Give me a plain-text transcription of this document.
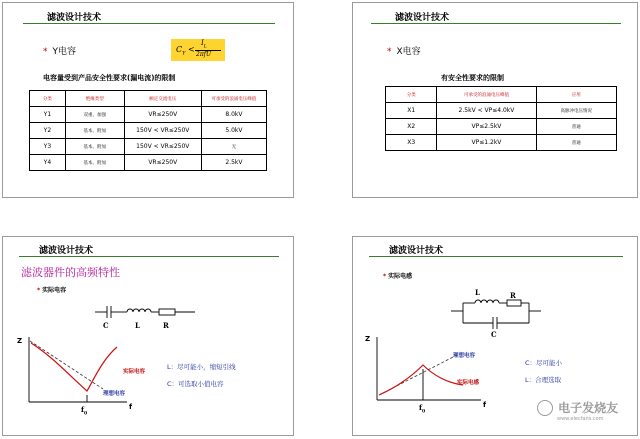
滤波设计技术
* Y电容	$C_Y$ <
$I_L$
2πfU
电容量受到产品安全性要求(漏电流)的限制
分类	绝缘类型	额定交流电压	可承受的浪涌电压峰值
Y1	双重、加强	VR≤250V	8.0kV
Y2	基本、附加	150V < VR≤250V	5.0kV
Y3	基本、附加	150V < VR≤250V	无
Y4	基本、附加	VR≤250V	2.5kV
滤波设计技术
* X电容
有安全性要求的限制
分类	可承受的浪涌电压峰值	应用
X1	2.5kV < VP≤4.0kV	高脉冲电压情况
X2	VP≤2.5kV	普通
X3	VP≤1.2kV	普通
滤波设计技术
滤波器件的高频特性
* 实际电容
C	L	R
Z
f
$f_0$
实际电容
理想电容
L：尽可能小，缩短引线
C：可选取小值电容
滤波设计技术
* 实际电感
L	R
C
Z
f
$f_0$
理想电容
实际电感
C：尽可能小
L：合理选取
电子发烧友
www.elecfans.com
